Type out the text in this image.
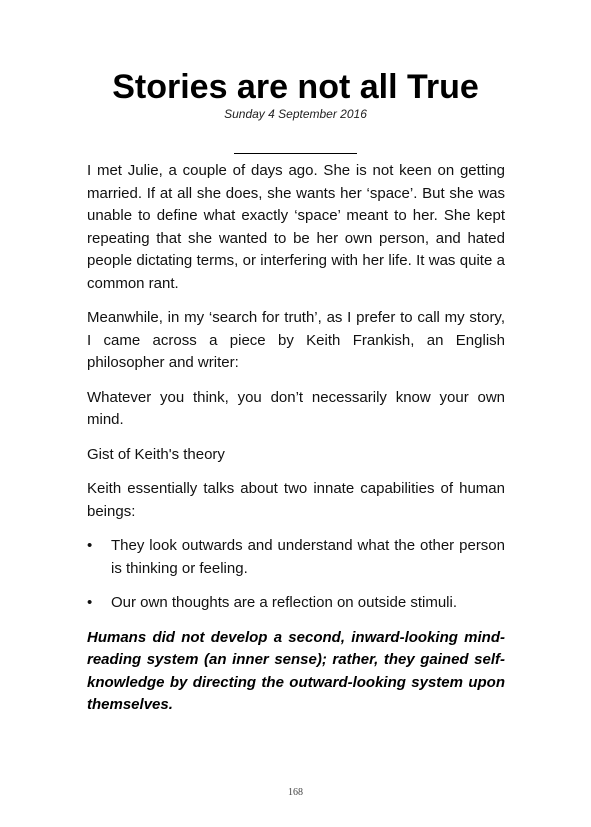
Stories are not all True
Sunday 4 September 2016

I met Julie, a couple of days ago. She is not keen on getting married. If at all she does, she wants her ‘space’. But she was unable to define what exactly ‘space’ meant to her. She kept repeating that she wanted to be her own person, and hated people dictating terms, or interfering with her life. It was quite a common rant.

Meanwhile, in my ‘search for truth’, as I prefer to call my story, I came across a piece by Keith Frankish, an English philosopher and writer:

Whatever you think, you don’t necessarily know your own mind.

Gist of Keith's theory

Keith essentially talks about two innate capabilities of human beings:

•	They look outwards and understand what the other person is thinking or feeling.
•	Our own thoughts are a reflection on outside stimuli.

Humans did not develop a second, inward-looking mind-reading system (an inner sense); rather, they gained self-knowledge by directing the outward-looking system upon themselves.

168
